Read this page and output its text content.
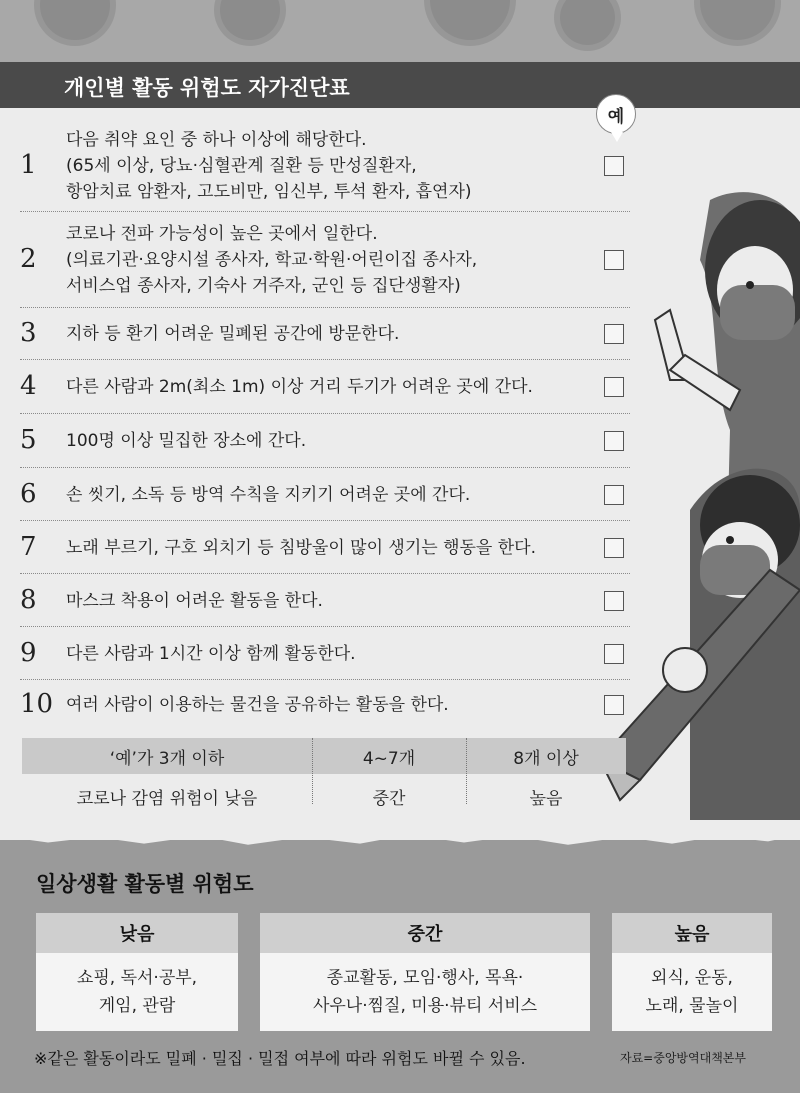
개인별 활동 위험도 자가진단표
예
1
다음 취약 요인 중 하나 이상에 해당한다.
(65세 이상, 당뇨·심혈관계 질환 등 만성질환자,
항암치료 암환자, 고도비만, 임신부, 투석 환자, 흡연자)
2
코로나 전파 가능성이 높은 곳에서 일한다.
(의료기관·요양시설 종사자, 학교·학원·어린이집 종사자,
서비스업 종사자, 기숙사 거주자, 군인 등 집단생활자)
3 지하 등 환기 어려운 밀폐된 공간에 방문한다.
4 다른 사람과 2m(최소 1m) 이상 거리 두기가 어려운 곳에 간다.
5 100명 이상 밀집한 장소에 간다.
6 손 씻기, 소독 등 방역 수칙을 지키기 어려운 곳에 간다.
7 노래 부르기, 구호 외치기 등 침방울이 많이 생기는 행동을 한다.
8 마스크 착용이 어려운 활동을 한다.
9 다른 사람과 1시간 이상 함께 활동한다.
10 여러 사람이 이용하는 물건을 공유하는 활동을 한다.
‘예’가 3개 이하	4~7개	8개 이상
코로나 감염 위험이 낮음	중간	높음
일상생활 활동별 위험도
낮음
쇼핑, 독서·공부,
게임, 관람
중간
종교활동, 모임·행사, 목욕·
사우나·찜질, 미용·뷰티 서비스
높음
외식, 운동,
노래, 물놀이
※같은 활동이라도 밀폐 · 밀집 · 밀접 여부에 따라 위험도 바뀔 수 있음.	자료=중앙방역대책본부
